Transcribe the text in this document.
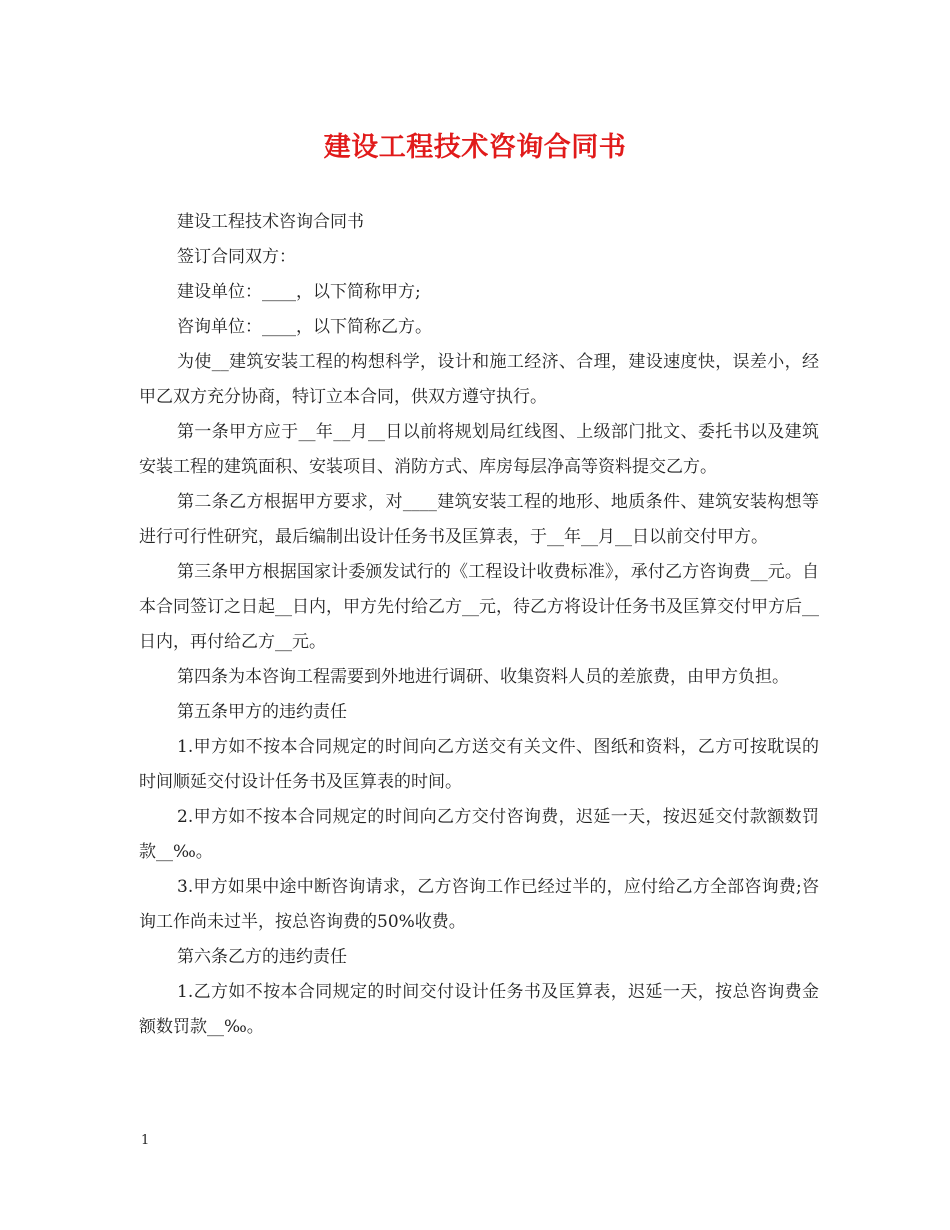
建设工程技术咨询合同书

建设工程技术咨询合同书

签订合同双方：

建设单位：____，以下简称甲方;

咨询单位：____，以下简称乙方。

为使__建筑安装工程的构想科学，设计和施工经济、合理，建设速度快，误差小，经甲乙双方充分协商，特订立本合同，供双方遵守执行。

第一条甲方应于__年__月__日以前将规划局红线图、上级部门批文、委托书以及建筑安装工程的建筑面积、安装项目、消防方式、库房每层净高等资料提交乙方。

第二条乙方根据甲方要求，对____建筑安装工程的地形、地质条件、建筑安装构想等进行可行性研究，最后编制出设计任务书及匡算表，于__年__月__日以前交付甲方。

第三条甲方根据国家计委颁发试行的《工程设计收费标准》，承付乙方咨询费__元。自本合同签订之日起__日内，甲方先付给乙方__元，待乙方将设计任务书及匡算交付甲方后__日内，再付给乙方__元。

第四条为本咨询工程需要到外地进行调研、收集资料人员的差旅费，由甲方负担。

第五条甲方的违约责任

1.甲方如不按本合同规定的时间向乙方送交有关文件、图纸和资料，乙方可按耽误的时间顺延交付设计任务书及匡算表的时间。

2.甲方如不按本合同规定的时间向乙方交付咨询费，迟延一天，按迟延交付款额数罚款__‰。

3.甲方如果中途中断咨询请求，乙方咨询工作已经过半的，应付给乙方全部咨询费;咨询工作尚未过半，按总咨询费的50%收费。

第六条乙方的违约责任

1.乙方如不按本合同规定的时间交付设计任务书及匡算表，迟延一天，按总咨询费金额数罚款__‰。

1
